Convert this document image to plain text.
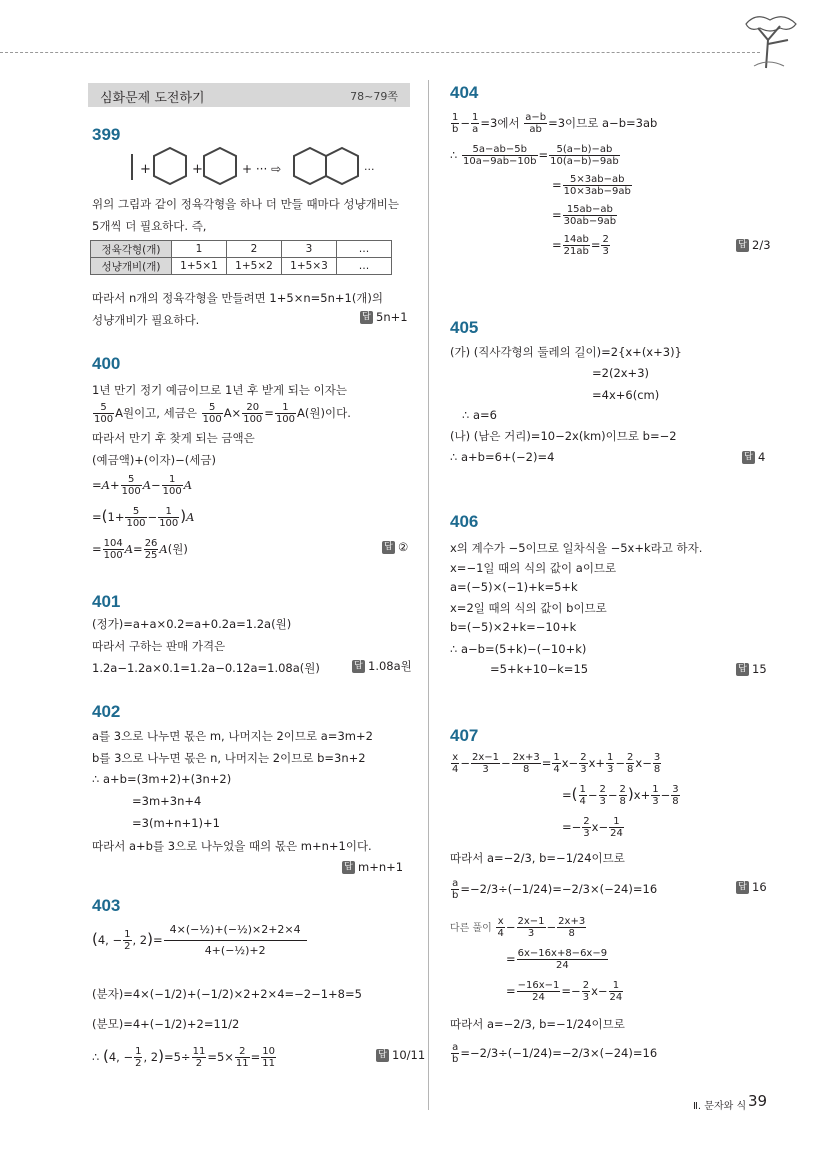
심화문제 도전하기	78~79쪽
399
+	+	+ ··· ⇨	···
위의 그림과 같이 정육각형을 하나 더 만들 때마다 성냥개비는
5개씩 더 필요하다. 즉,
정육각형(개)	1	2	3	…
성냥개비(개)	1+5×1	1+5×2	1+5×3	…
따라서 n개의 정육각형을 만들려면 1+5×n=5n+1(개)의
성냥개비가 필요하다.	답 5n+1
400
1년 만기 정기 예금이므로 1년 후 받게 되는 이자는
$\frac{5}{100}$ A원이고, 세금은 $\frac{5}{100} A\times \frac{20}{100} = \frac{1}{100} A$(원)이다.
따라서 만기 후 찾게 되는 금액은
(예금액)+(이자)−(세금)
$=A+ \frac{5}{100} A- \frac{1}{100}$ A
$=(1+ \frac{5}{100} - \frac{1}{100} )A$
= $\frac{104}{100} A= \frac{26}{25} A$(원)	답 ②
401
(정가)=a+a×0.2=a+0.2a=1.2a(원)
따라서 구하는 판매 가격은
1.2a−1.2a×0.1=1.2a−0.12a=1.08a(원)	답 1.08a원
402
a를 3으로 나누면 몫은 m, 나머지는 2이므로 a=3m+2
b를 3으로 나누면 몫은 n, 나머지는 2이므로 b=3n+2
∴ a+b=(3m+2)+(3n+2)
=3m+3n+4
=3(m+n+1)+1
따라서 a+b를 3으로 나누었을 때의 몫은 m+n+1이다.
답 m+n+1
403
(4, − $\frac{1}{2}$ , $2)= \frac{\text{4×(−½)+(−½)×2+2×4}}{\text{4+(−½)+2}}$
(분자)=4×(−1/2)+(−1/2)×2+2×4=−2−1+8=5
(분모)=4+(−1/2)+2=11/2
∴ (4, − $\frac{1}{2}$ , $2)=5\div \frac{11}{2} =5\times \frac{2}{11} = \frac{10}{11}$	답 10/11
404
$\frac{1}{b} - \frac{1}{a} =3$에서 $\frac{a-b}{ab} =3$이므로 a−b=3ab
∴ $\frac{5a-ab-5b}{10a-9ab-10b} = \frac{5(a-b)-ab}{10(a-b)-9ab}$
= $\frac{5\times 3ab-ab}{10\times 3ab-9ab}$
= $\frac{15ab-ab}{30ab-9ab}$
= $\frac{14ab}{21ab} = \frac{2}{3}$	답 2/3
405
(가) (직사각형의 둘레의 길이)=2{x+(x+3)}
=2(2x+3)
=4x+6(cm)
∴ a=6
(나) (남은 거리)=10−2x(km)이므로 b=−2
∴ a+b=6+(−2)=4	답 4
406
x의 계수가 −5이므로 일차식을 −5x+k라고 하자.
x=−1일 때의 식의 값이 a이므로
a=(−5)×(−1)+k=5+k
x=2일 때의 식의 값이 b이므로
b=(−5)×2+k=−10+k
∴ a−b=(5+k)−(−10+k)
=5+k+10−k=15	답 15
407
$\frac{x}{4} - \frac{2x-1}{3} - \frac{2x+3}{8} = \frac{1}{4} x- \frac{2}{3} x+ \frac{1}{3} - \frac{2}{8} x- \frac{3}{8}$
=( $\frac{1}{4} - \frac{2}{3} - \frac{2}{8} )x+ \frac{1}{3} - \frac{3}{8}$
=− $\frac{2}{3} x- \frac{1}{24}$
따라서 a=−2/3, b=−1/24이므로
$\frac{a}{b} =-2/3\div(-1/24)=-2/3\times(-24)=16$	답 16
다른 풀이 $\frac{x}{4} - \frac{2x-1}{3} - \frac{2x+3}{8}$
= $\frac{6x-16x+8-6x-9}{24}$
= $\frac{-16x-1}{24} =- \frac{2}{3} x- \frac{1}{24}$
따라서 a=−2/3, b=−1/24이므로
$\frac{a}{b} =-2/3\div(-1/24)=-2/3\times(-24)=16$
Ⅱ. 문자와 식 39
